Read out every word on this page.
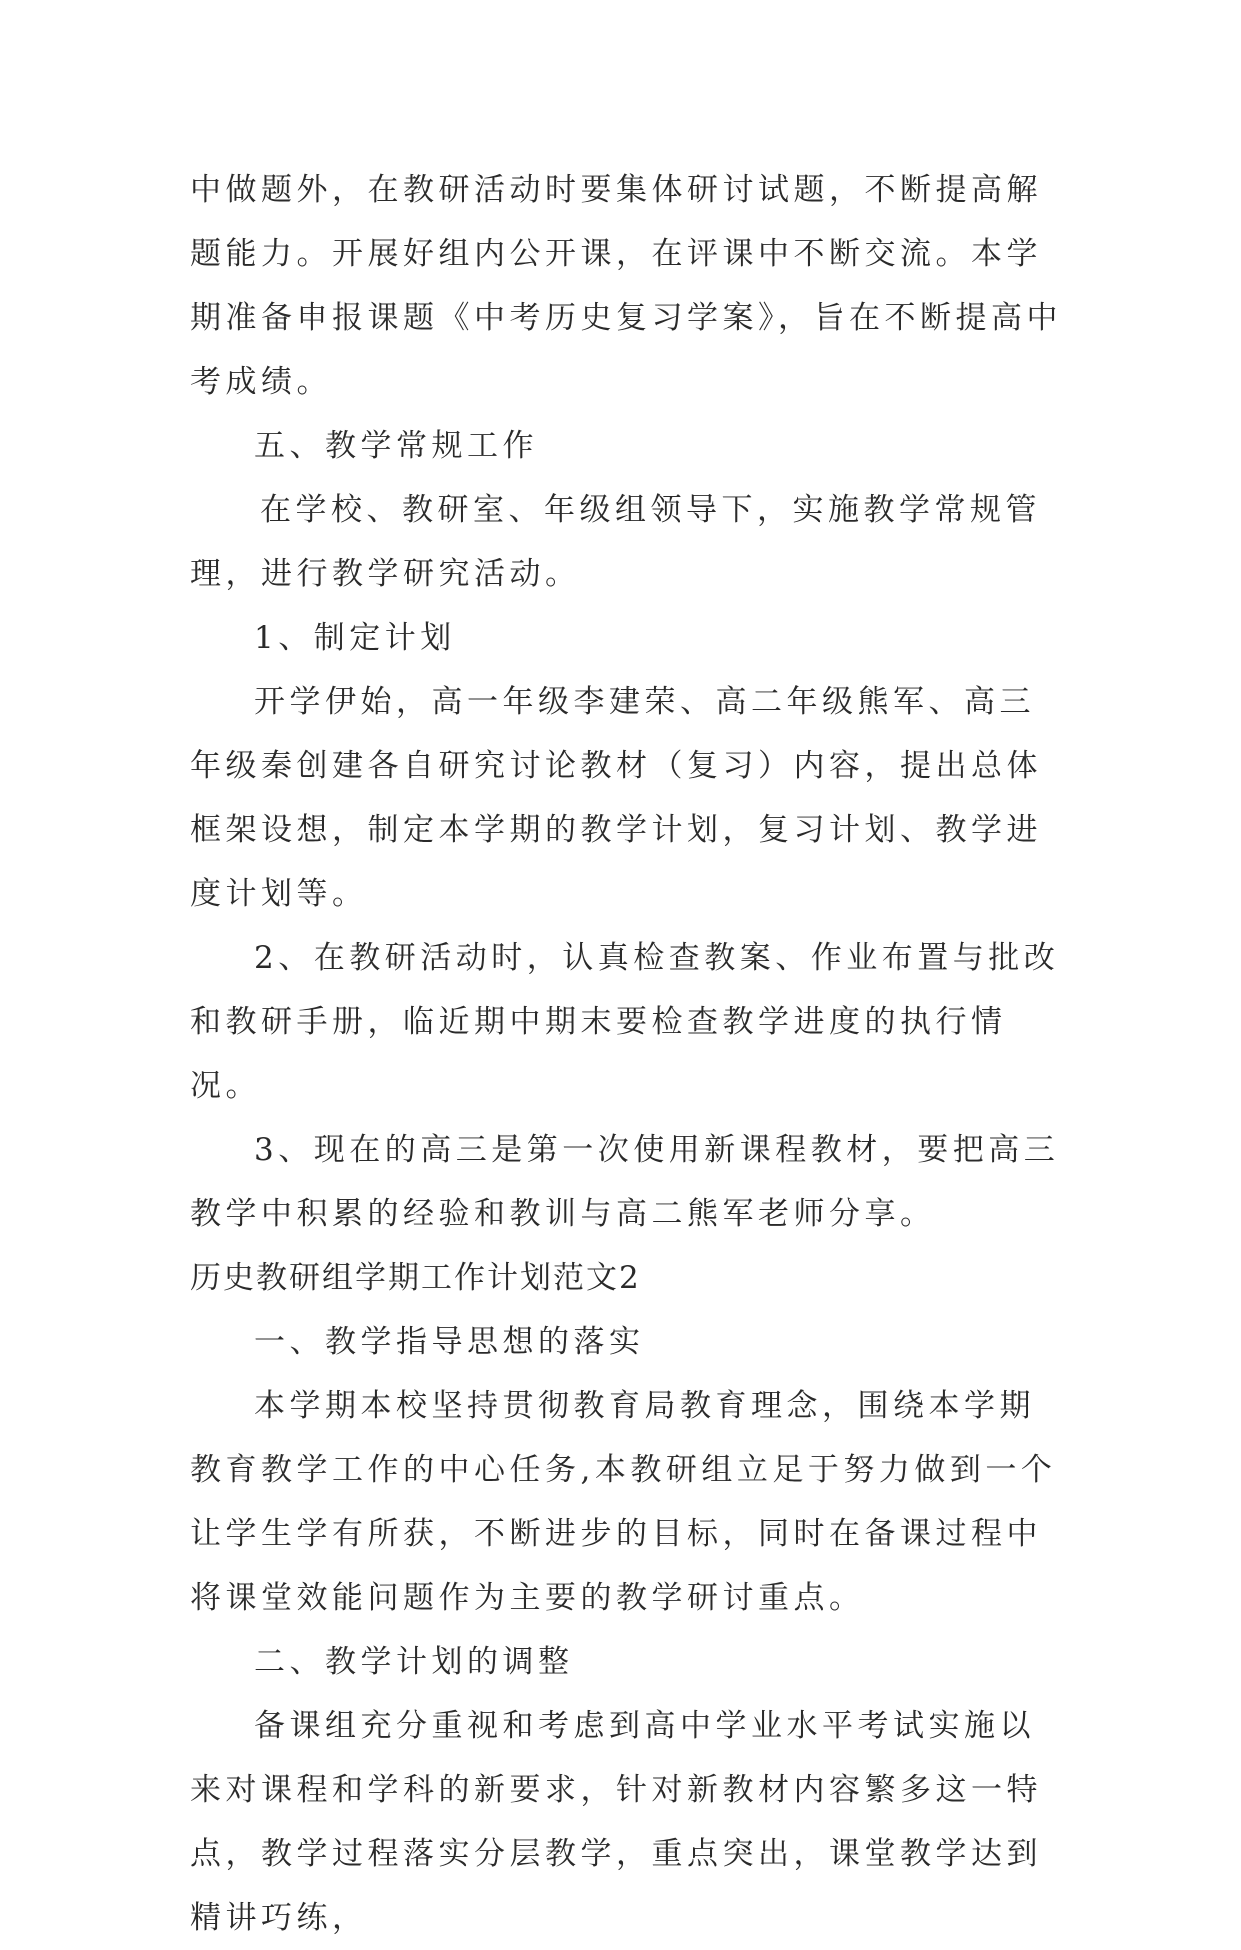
中做题外，在教研活动时要集体研讨试题，不断提高解题能力。开展好组内公开课，在评课中不断交流。本学期准备申报课题《中考历史复习学案》，旨在不断提高中考成绩。

五、教学常规工作

在学校、教研室、年级组领导下，实施教学常规管理，进行教学研究活动。

1、制定计划

开学伊始，高一年级李建荣、高二年级熊军、高三年级秦创建各自研究讨论教材（复习）内容，提出总体框架设想，制定本学期的教学计划，复习计划、教学进度计划等。

2、在教研活动时，认真检查教案、作业布置与批改和教研手册，临近期中期末要检查教学进度的执行情况。

3、现在的高三是第一次使用新课程教材，要把高三教学中积累的经验和教训与高二熊军老师分享。

历史教研组学期工作计划范文2

一、教学指导思想的落实

本学期本校坚持贯彻教育局教育理念，围绕本学期教育教学工作的中心任务,本教研组立足于努力做到一个让学生学有所获，不断进步的目标，同时在备课过程中将课堂效能问题作为主要的教学研讨重点。

二、教学计划的调整

备课组充分重视和考虑到高中学业水平考试实施以来对课程和学科的新要求，针对新教材内容繁多这一特点，教学过程落实分层教学，重点突出，课堂教学达到精讲巧练，
